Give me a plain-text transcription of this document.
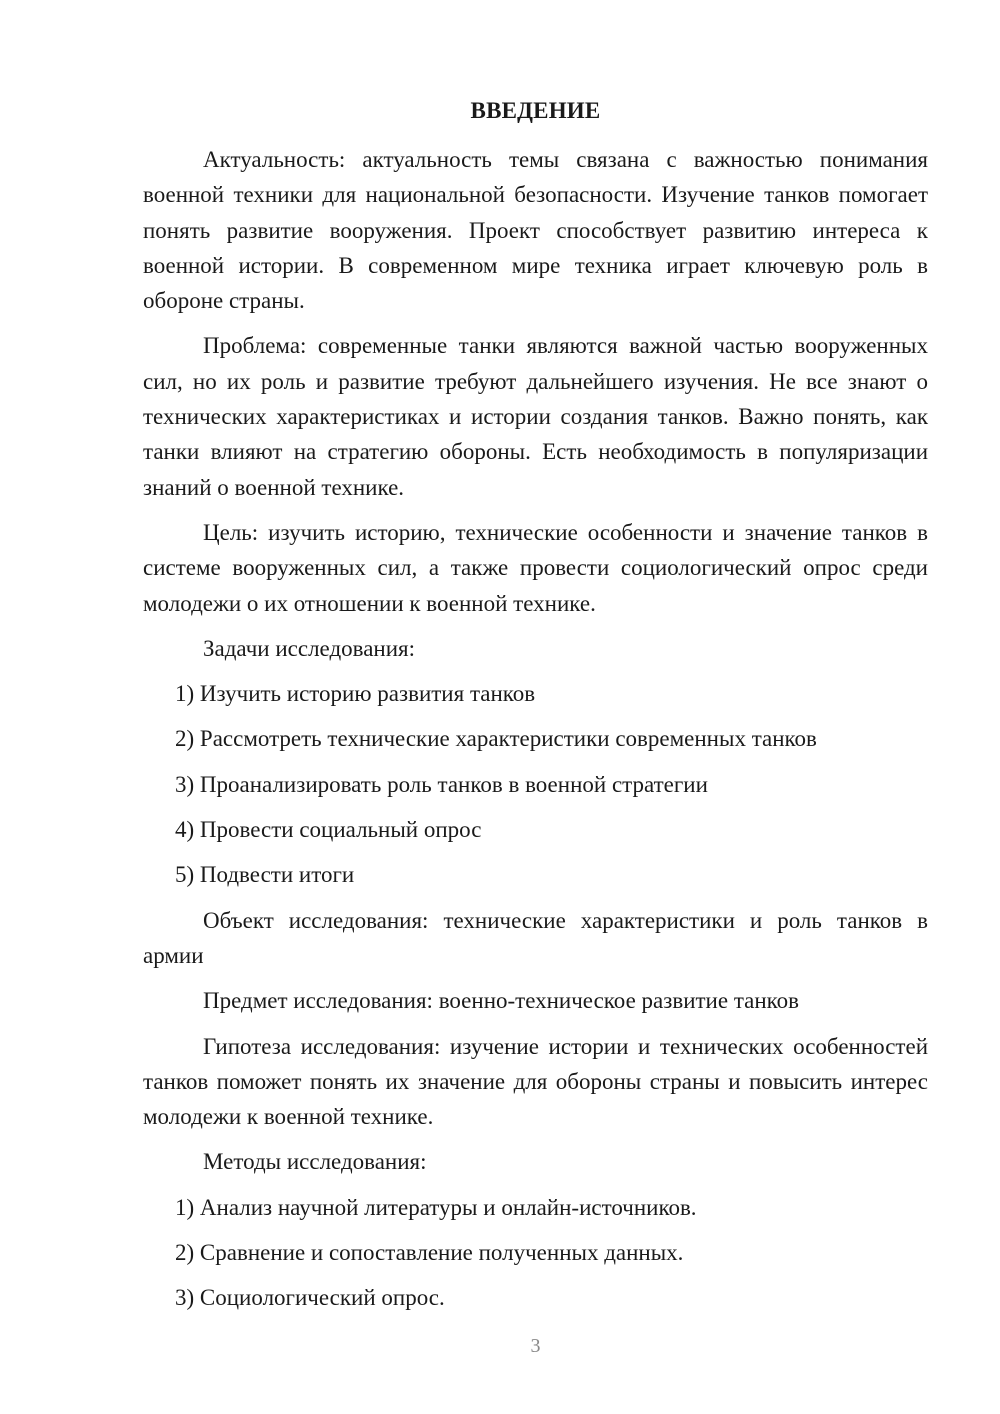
ВВЕДЕНИЕ

Актуальность: актуальность темы связана с важностью понимания военной техники для национальной безопасности. Изучение танков помогает понять развитие вооружения. Проект способствует развитию интереса к военной истории. В современном мире техника играет ключевую роль в обороне страны.

Проблема: современные танки являются важной частью вооруженных сил, но их роль и развитие требуют дальнейшего изучения. Не все знают о технических характеристиках и истории создания танков. Важно понять, как танки влияют на стратегию обороны. Есть необходимость в популяризации знаний о военной технике.

Цель: изучить историю, технические особенности и значение танков в системе вооруженных сил, а также провести социологический опрос среди молодежи о их отношении к военной технике.

Задачи исследования:

1) Изучить историю развития танков
2) Рассмотреть технические характеристики современных танков
3) Проанализировать роль танков в военной стратегии
4) Провести социальный опрос
5) Подвести итоги

Объект исследования: технические характеристики и роль танков в армии

Предмет исследования: военно-техническое развитие танков

Гипотеза исследования: изучение истории и технических особенностей танков поможет понять их значение для обороны страны и повысить интерес молодежи к военной технике.

Методы исследования:

1) Анализ научной литературы и онлайн-источников.
2) Сравнение и сопоставление полученных данных.
3) Социологический опрос.
3
